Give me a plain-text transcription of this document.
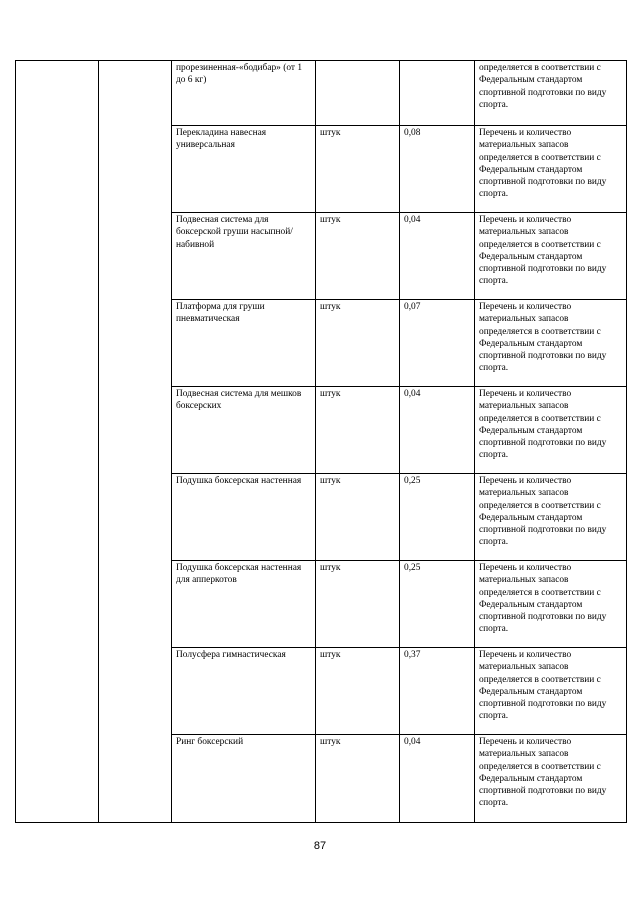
		прорезиненная-«бодибар» (от 1 до 6 кг)			определяется в соответствии с Федеральным стандартом спортивной подготовки по виду спорта.
		Перекладина навесная универсальная	штук	0,08	Перечень и количество материальных запасов определяется в соответствии с Федеральным стандартом спортивной подготовки по виду спорта.
		Подвесная система для боксерской груши насыпной/набивной	штук	0,04	Перечень и количество материальных запасов определяется в соответствии с Федеральным стандартом спортивной подготовки по виду спорта.
		Платформа для груши пневматическая	штук	0,07	Перечень и количество материальных запасов определяется в соответствии с Федеральным стандартом спортивной подготовки по виду спорта.
		Подвесная система для мешков боксерских	штук	0,04	Перечень и количество материальных запасов определяется в соответствии с Федеральным стандартом спортивной подготовки по виду спорта.
		Подушка боксерская настенная	штук	0,25	Перечень и количество материальных запасов определяется в соответствии с Федеральным стандартом спортивной подготовки по виду спорта.
		Подушка боксерская настенная для апперкотов	штук	0,25	Перечень и количество материальных запасов определяется в соответствии с Федеральным стандартом спортивной подготовки по виду спорта.
		Полусфера гимнастическая	штук	0,37	Перечень и количество материальных запасов определяется в соответствии с Федеральным стандартом спортивной подготовки по виду спорта.
		Ринг боксерский	штук	0,04	Перечень и количество материальных запасов определяется в соответствии с Федеральным стандартом спортивной подготовки по виду спорта.
87
